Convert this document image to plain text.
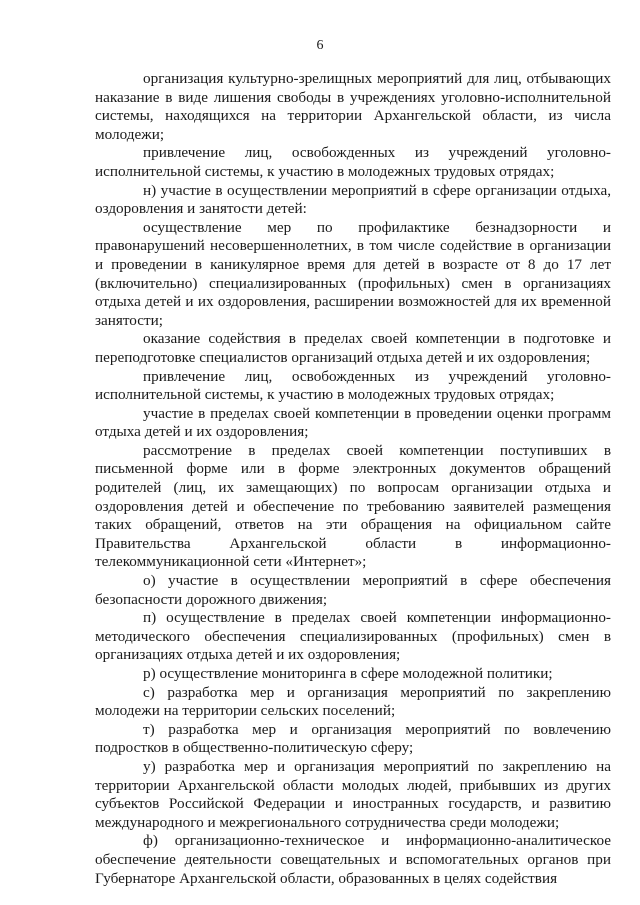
6

организация культурно-зрелищных мероприятий для лиц, отбывающих наказание в виде лишения свободы в учреждениях уголовно-исполнительной системы, находящихся на территории Архангельской области, из числа молодежи;

привлечение лиц, освобожденных из учреждений уголовно-исполнительной системы, к участию в молодежных трудовых отрядах;

н) участие в осуществлении мероприятий в сфере организации отдыха, оздоровления и занятости детей:

осуществление мер по профилактике безнадзорности и правонарушений несовершеннолетних, в том числе содействие в организации и проведении в каникулярное время для детей в возрасте от 8 до 17 лет (включительно) специализированных (профильных) смен в организациях отдыха детей и их оздоровления, расширении возможностей для их временной занятости;

оказание содействия в пределах своей компетенции в подготовке и переподготовке специалистов организаций отдыха детей и их оздоровления;

привлечение лиц, освобожденных из учреждений уголовно-исполнительной системы, к участию в молодежных трудовых отрядах;

участие в пределах своей компетенции в проведении оценки программ отдыха детей и их оздоровления;

рассмотрение в пределах своей компетенции поступивших в письменной форме или в форме электронных документов обращений родителей (лиц, их замещающих) по вопросам организации отдыха и оздоровления детей и обеспечение по требованию заявителей размещения таких обращений, ответов на эти обращения на официальном сайте Правительства Архангельской области в информационно-телекоммуникационной сети «Интернет»;

о) участие в осуществлении мероприятий в сфере обеспечения безопасности дорожного движения;

п) осуществление в пределах своей компетенции информационно-методического обеспечения специализированных (профильных) смен в организациях отдыха детей и их оздоровления;

р) осуществление мониторинга в сфере молодежной политики;

с) разработка мер и организация мероприятий по закреплению молодежи на территории сельских поселений;

т) разработка мер и организация мероприятий по вовлечению подростков в общественно-политическую сферу;

у) разработка мер и организация мероприятий по закреплению на территории Архангельской области молодых людей, прибывших из других субъектов Российской Федерации и иностранных государств, и развитию международного и межрегионального сотрудничества среди молодежи;

ф) организационно-техническое и информационно-аналитическое обеспечение деятельности совещательных и вспомогательных органов при Губернаторе Архангельской области, образованных в целях содействия
